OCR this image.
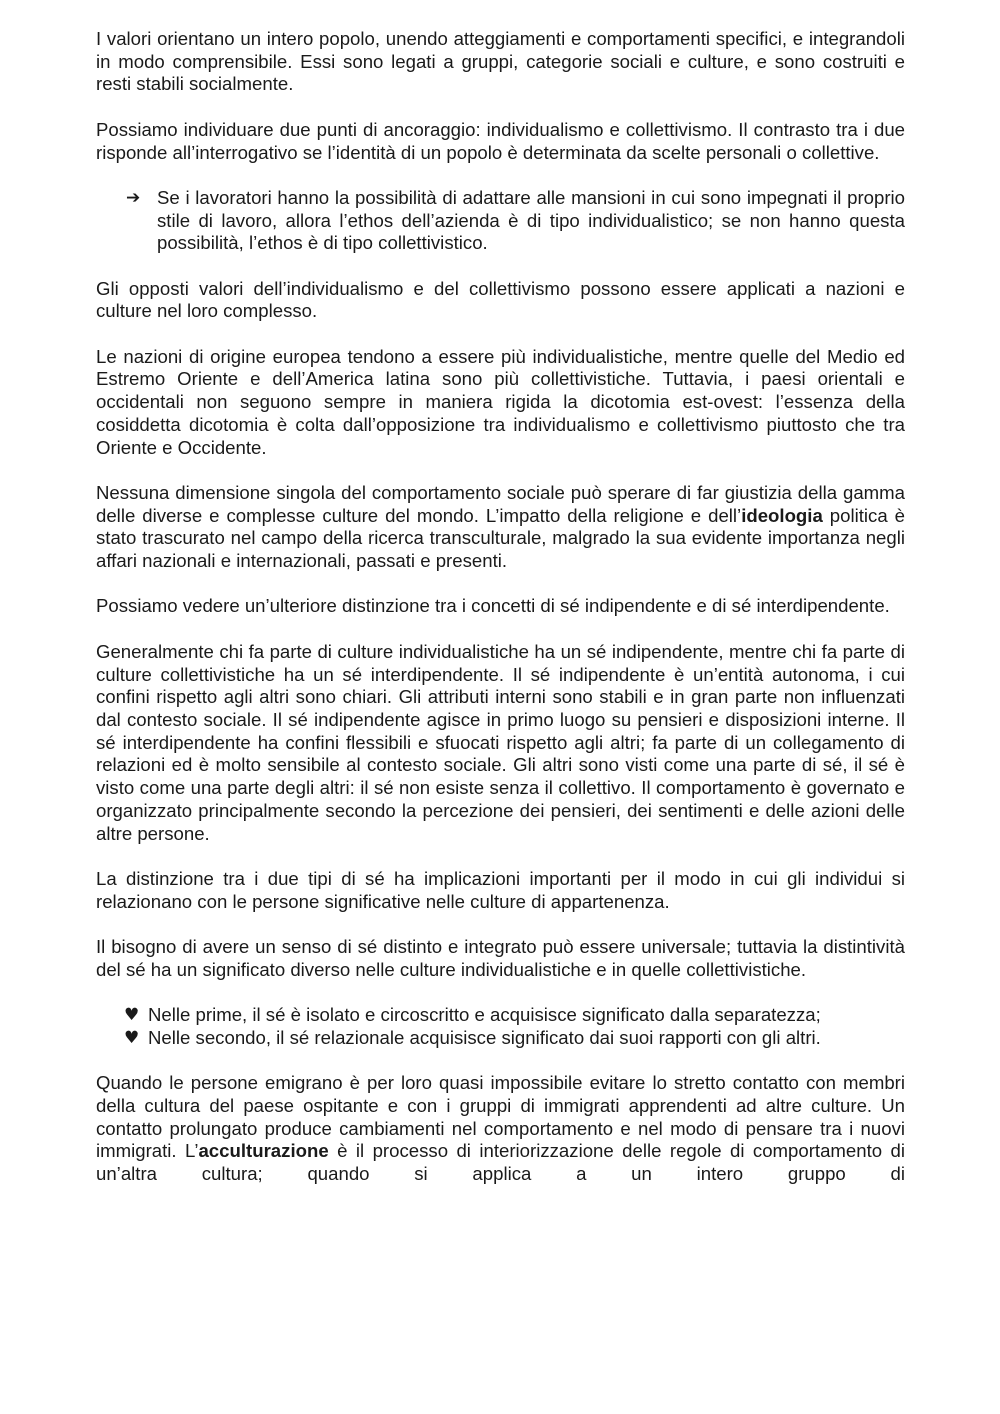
I valori orientano un intero popolo, unendo atteggiamenti e comportamenti specifici, e integrandoli in modo comprensibile. Essi sono legati a gruppi, categorie sociali e culture, e sono costruiti e resti stabili socialmente.

Possiamo individuare due punti di ancoraggio: individualismo e collettivismo. Il contrasto tra i due risponde all’interrogativo se l’identità di un popolo è determinata da scelte personali o collettive.

➔ Se i lavoratori hanno la possibilità di adattare alle mansioni in cui sono impegnati il proprio stile di lavoro, allora l’ethos dell’azienda è di tipo individualistico; se non hanno questa possibilità, l’ethos è di tipo collettivistico.

Gli opposti valori dell’individualismo e del collettivismo possono essere applicati a nazioni e culture nel loro complesso.

Le nazioni di origine europea tendono a essere più individualistiche, mentre quelle del Medio ed Estremo Oriente e dell’America latina sono più collettivistiche. Tuttavia, i paesi orientali e occidentali non seguono sempre in maniera rigida la dicotomia est-ovest: l’essenza della cosiddetta dicotomia è colta dall’opposizione tra individualismo e collettivismo piuttosto che tra Oriente e Occidente.

Nessuna dimensione singola del comportamento sociale può sperare di far giustizia della gamma delle diverse e complesse culture del mondo. L’impatto della religione e dell’ideologia politica è stato trascurato nel campo della ricerca transculturale, malgrado la sua evidente importanza negli affari nazionali e internazionali, passati e presenti.

Possiamo vedere un’ulteriore distinzione tra i concetti di sé indipendente e di sé interdipendente.

Generalmente chi fa parte di culture individualistiche ha un sé indipendente, mentre chi fa parte di culture collettivistiche ha un sé interdipendente. Il sé indipendente è un’entità autonoma, i cui confini rispetto agli altri sono chiari. Gli attributi interni sono stabili e in gran parte non influenzati dal contesto sociale. Il sé indipendente agisce in primo luogo su pensieri e disposizioni interne. Il sé interdipendente ha confini flessibili e sfuocati rispetto agli altri; fa parte di un collegamento di relazioni ed è molto sensibile al contesto sociale. Gli altri sono visti come una parte di sé, il sé è visto come una parte degli altri: il sé non esiste senza il collettivo. Il comportamento è governato e organizzato principalmente secondo la percezione dei pensieri, dei sentimenti e delle azioni delle altre persone.

La distinzione tra i due tipi di sé ha implicazioni importanti per il modo in cui gli individui si relazionano con le persone significative nelle culture di appartenenza.

Il bisogno di avere un senso di sé distinto e integrato può essere universale; tuttavia la distintività del sé ha un significato diverso nelle culture individualistiche e in quelle collettivistiche.

♥ Nelle prime, il sé è isolato e circoscritto e acquisisce significato dalla separatezza;
♥ Nelle secondo, il sé relazionale acquisisce significato dai suoi rapporti con gli altri.

Quando le persone emigrano è per loro quasi impossibile evitare lo stretto contatto con membri della cultura del paese ospitante e con i gruppi di immigrati apprendenti ad altre culture. Un contatto prolungato produce cambiamenti nel comportamento e nel modo di pensare tra i nuovi immigrati. L’acculturazione è il processo di interiorizzazione delle regole di comportamento di un’altra cultura; quando si applica a un intero gruppo di
